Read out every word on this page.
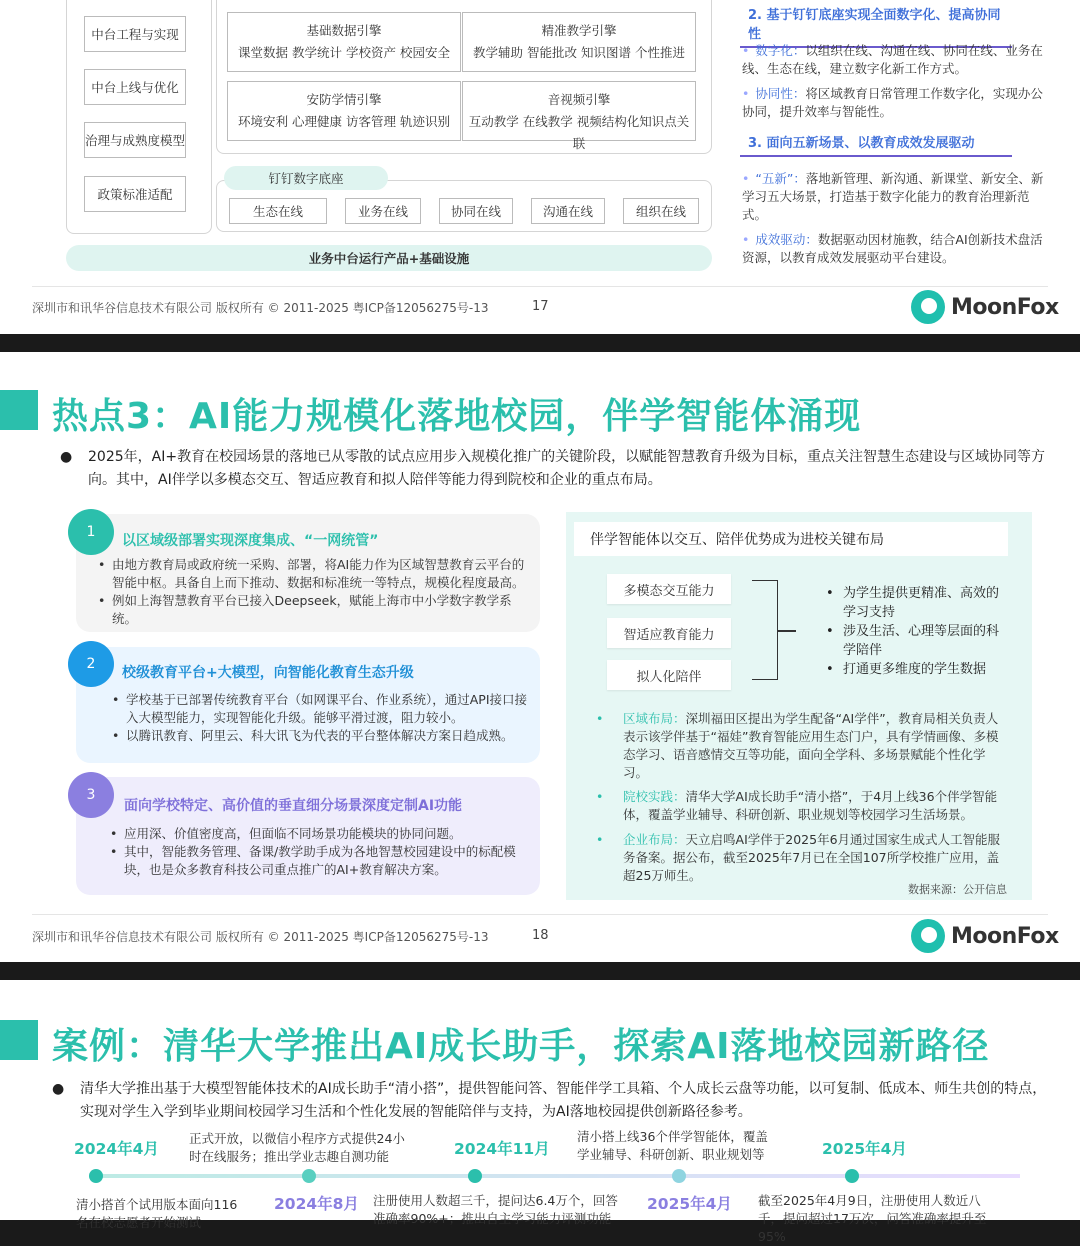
中台工程与实现
中台上线与优化
治理与成熟度模型
政策标准适配
基础数据引擎
课堂数据 教学统计 学校资产 校园安全
精准教学引擎
教学辅助 智能批改 知识图谱 个性推进
安防学情引擎
环境安利 心理健康 访客管理 轨迹识别
音视频引擎
互动教学 在线教学 视频结构化知识点关联
钉钉数字底座
生态在线	业务在线	协同在线	沟通在线	组织在线
业务中台运行产品+基础设施
2. 基于钉钉底座实现全面数字化、提高协同性
• 数字化：以组织在线、沟通在线、协同在线、业务在线、生态在线，建立数字化新工作方式。
• 协同性：将区域教育日常管理工作数字化，实现办公协同，提升效率与智能性。
3. 面向五新场景、以教育成效发展驱动
• “五新”：落地新管理、新沟通、新课堂、新安全、新学习五大场景，打造基于数字化能力的教育治理新范式。
• 成效驱动：数据驱动因材施教，结合AI创新技术盘活资源，以教育成效发展驱动平台建设。
深圳市和讯华谷信息技术有限公司 版权所有 © 2011-2025 粤ICP备12056275号-13	17	MoonFox
热点3：AI能力规模化落地校园，伴学智能体涌现
●	2025年，AI+教育在校园场景的落地已从零散的试点应用步入规模化推广的关键阶段，以赋能智慧教育升级为目标，重点关注智慧生态建设与区域协同等方向。其中，AI伴学以多模态交互、智适应教育和拟人陪伴等能力得到院校和企业的重点布局。

1
以区域级部署实现深度集成、“一网统管”
• 由地方教育局或政府统一采购、部署，将AI能力作为区域智慧教育云平台的智能中枢。具备自上而下推动、数据和标准统一等特点，规模化程度最高。
• 例如上海智慧教育平台已接入Deepseek，赋能上海市中小学数字教学系统。
2
校级教育平台+大模型，向智能化教育生态升级
• 学校基于已部署传统教育平台（如网课平台、作业系统），通过API接口接入大模型能力，实现智能化升级。能够平滑过渡，阻力较小。
• 以腾讯教育、阿里云、科大讯飞为代表的平台整体解决方案日趋成熟。
3
面向学校特定、高价值的垂直细分场景深度定制AI功能
• 应用深、价值密度高，但面临不同场景功能模块的协同问题。
• 其中，智能教务管理、备课/教学助手成为各地智慧校园建设中的标配模块，也是众多教育科技公司重点推广的AI+教育解决方案。
伴学智能体以交互、陪伴优势成为进校关键布局
多模态交互能力
智适应教育能力
拟人化陪伴
• 为学生提供更精准、高效的学习支持
• 涉及生活、心理等层面的科学陪伴
• 打通更多维度的学生数据
•	区域布局：深圳福田区提出为学生配备“AI学伴”，教育局相关负责人表示该学伴基于“福娃”教育智能应用生态门户，具有学情画像、多模态学习、语音感情交互等功能，面向全学科、多场景赋能个性化学习。
•	院校实践：清华大学AI成长助手“清小搭”，于4月上线36个伴学智能体，覆盖学业辅导、科研创新、职业规划等校园学习生活场景。
•	企业布局：天立启鸣AI学伴于2025年6月通过国家生成式人工智能服务备案。据公布，截至2025年7月已在全国107所学校推广应用，盖超25万师生。
数据来源：公开信息
深圳市和讯华谷信息技术有限公司 版权所有 © 2011-2025 粤ICP备12056275号-13	18	MoonFox
案例：清华大学推出AI成长助手，探索AI落地校园新路径
●	清华大学推出基于大模型智能体技术的AI成长助手“清小搭”，提供智能问答、智能伴学工具箱、个人成长云盘等功能，以可复制、低成本、师生共创的特点，实现对学生入学到毕业期间校园学习生活和个性化发展的智能陪伴与支持，为AI落地校园提供创新路径参考。

2024年4月
正式开放，以微信小程序方式提供24小时在线服务；推出学业志趣自测功能	2024年11月
清小搭上线36个伴学智能体，覆盖学业辅导、科研创新、职业规划等	2025年4月
清小搭首个试用版本面向116名在校志愿者开始测试
2024年8月 注册使用人数超三千，提问达6.4万个，回答准确率90%+；推出自主学习能力评测功能
2025年4月 截至2025年4月9日，注册使用人数近八千，提问超过17万次，问答准确率提升至95%
